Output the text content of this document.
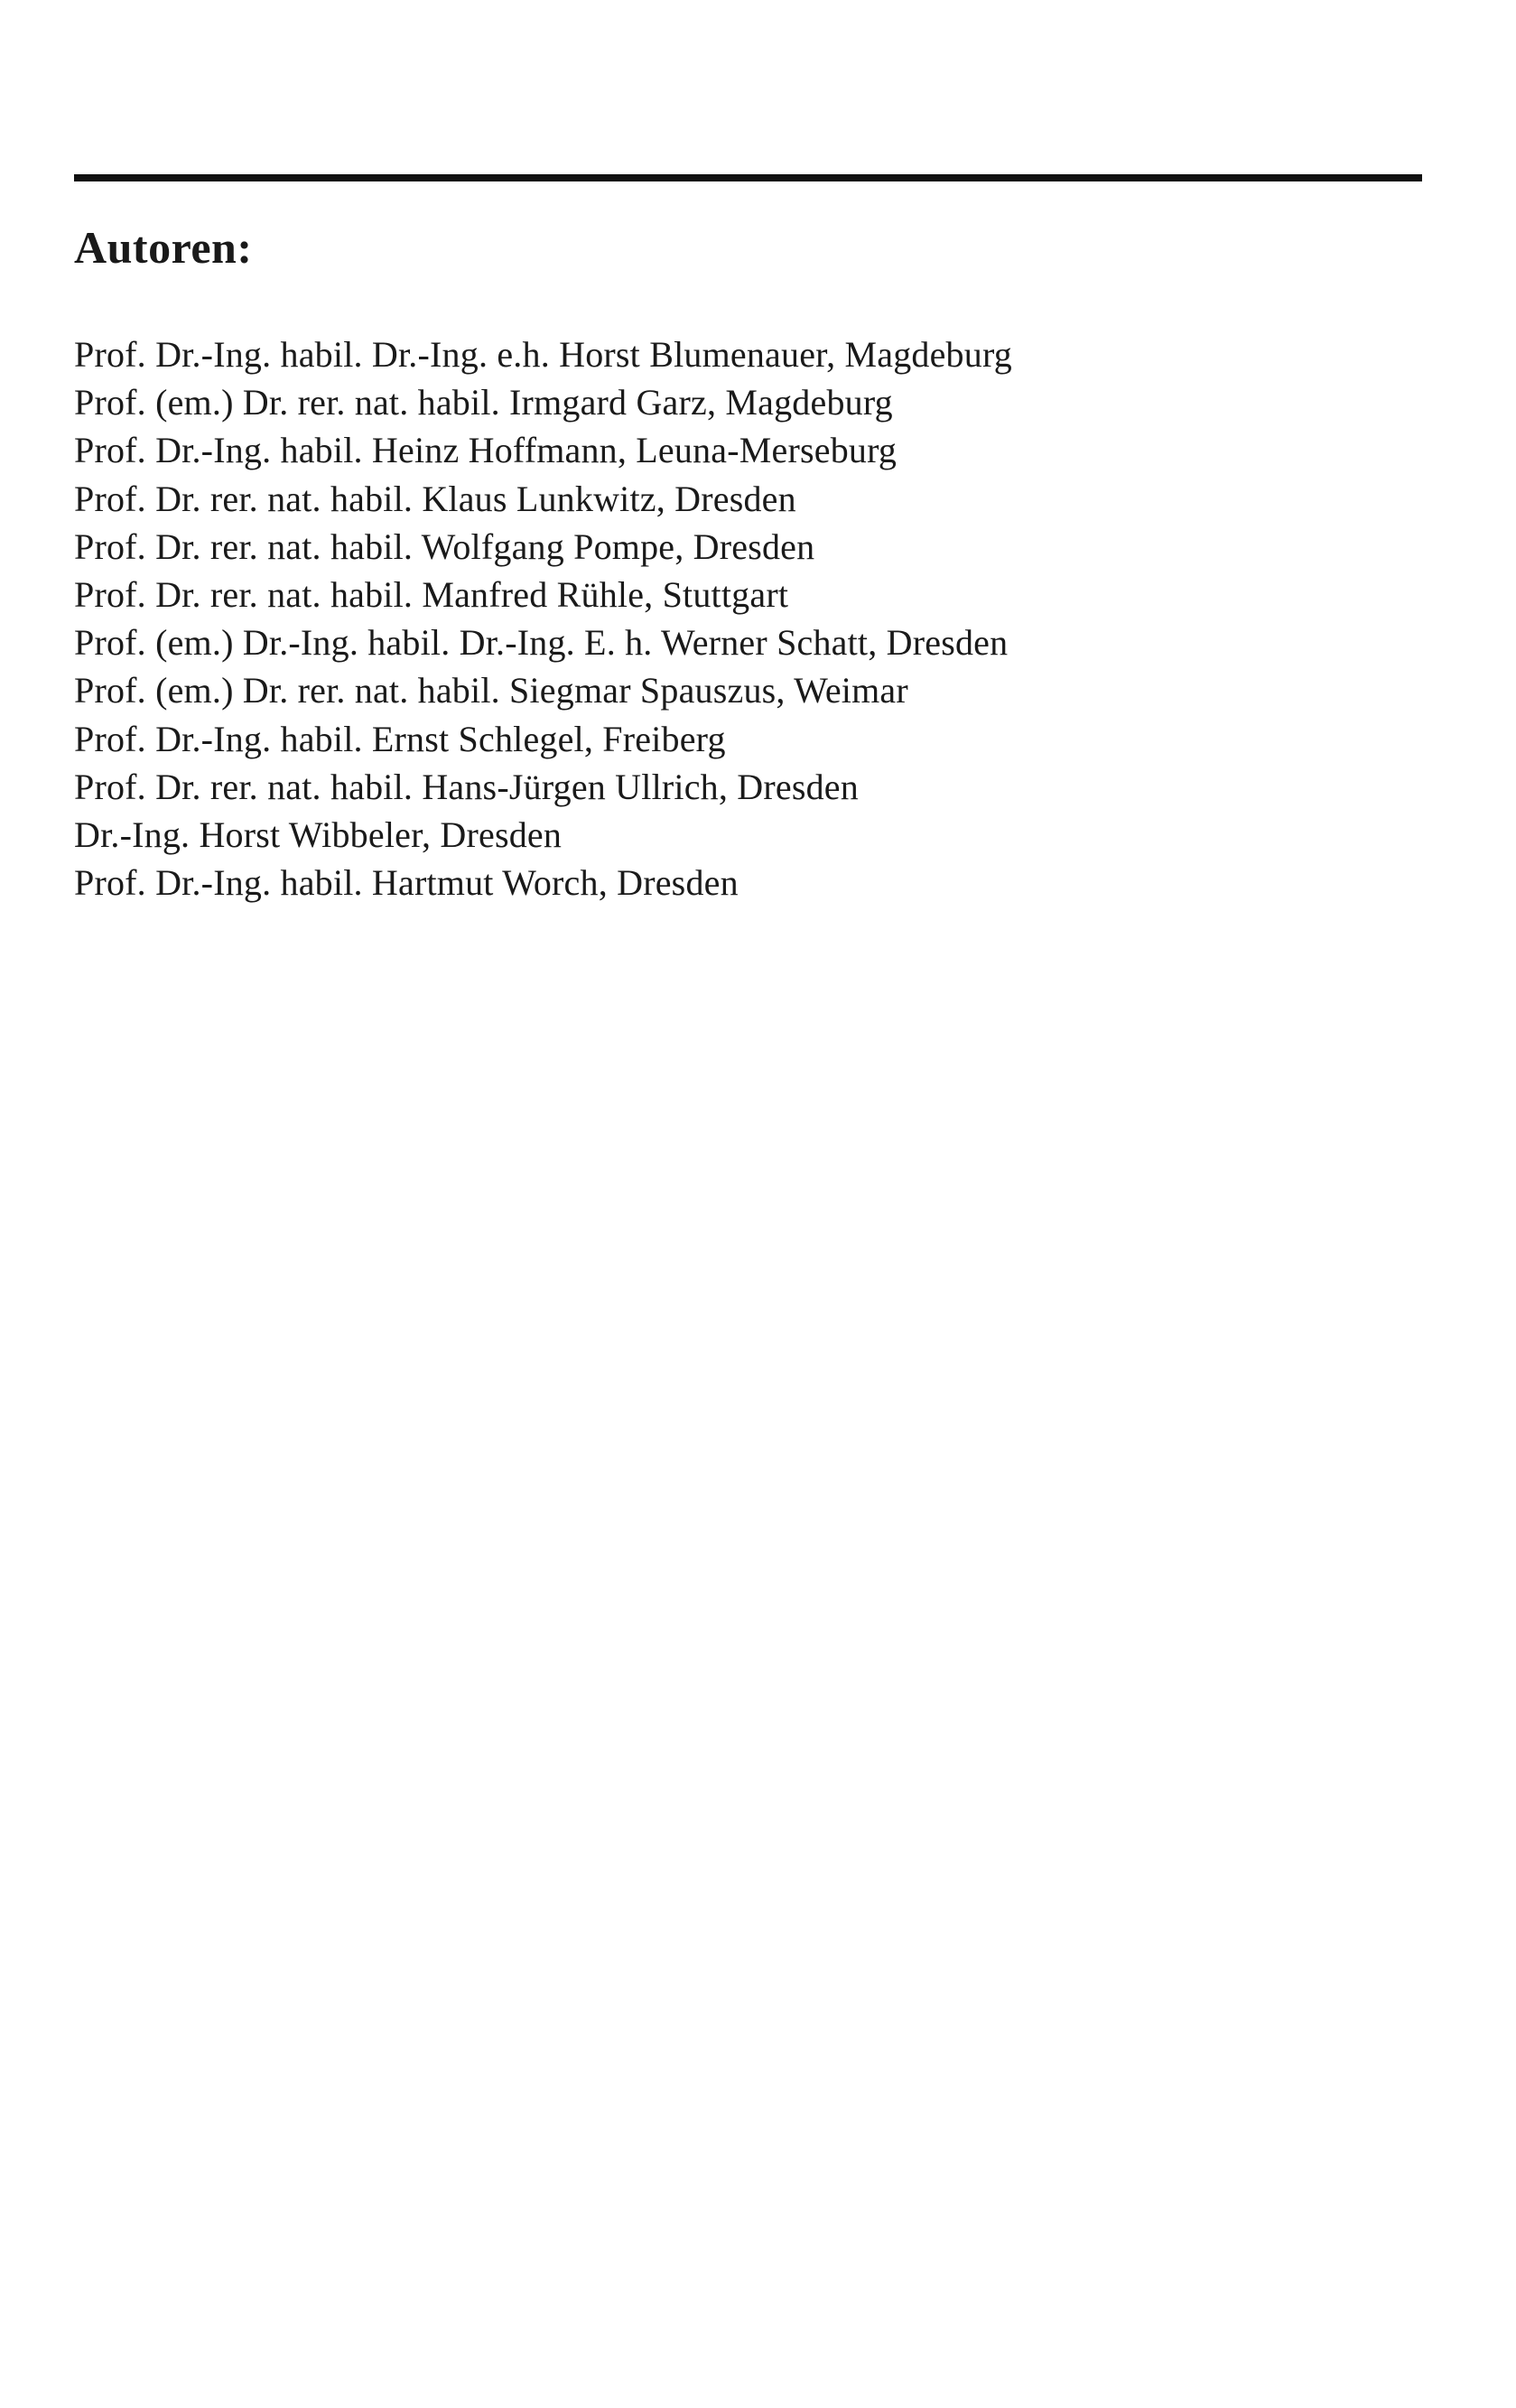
Autoren:
Prof. Dr.-Ing. habil. Dr.-Ing. e.h. Horst Blumenauer, Magdeburg
Prof. (em.) Dr. rer. nat. habil. Irmgard Garz, Magdeburg
Prof. Dr.-Ing. habil. Heinz Hoffmann, Leuna-Merseburg
Prof. Dr. rer. nat. habil. Klaus Lunkwitz, Dresden
Prof. Dr. rer. nat. habil. Wolfgang Pompe, Dresden
Prof. Dr. rer. nat. habil. Manfred Rühle, Stuttgart
Prof. (em.) Dr.-Ing. habil. Dr.-Ing. E. h. Werner Schatt, Dresden
Prof. (em.) Dr. rer. nat. habil. Siegmar Spauszus, Weimar
Prof. Dr.-Ing. habil. Ernst Schlegel, Freiberg
Prof. Dr. rer. nat. habil. Hans-Jürgen Ullrich, Dresden
Dr.-Ing. Horst Wibbeler, Dresden
Prof. Dr.-Ing. habil. Hartmut Worch, Dresden
